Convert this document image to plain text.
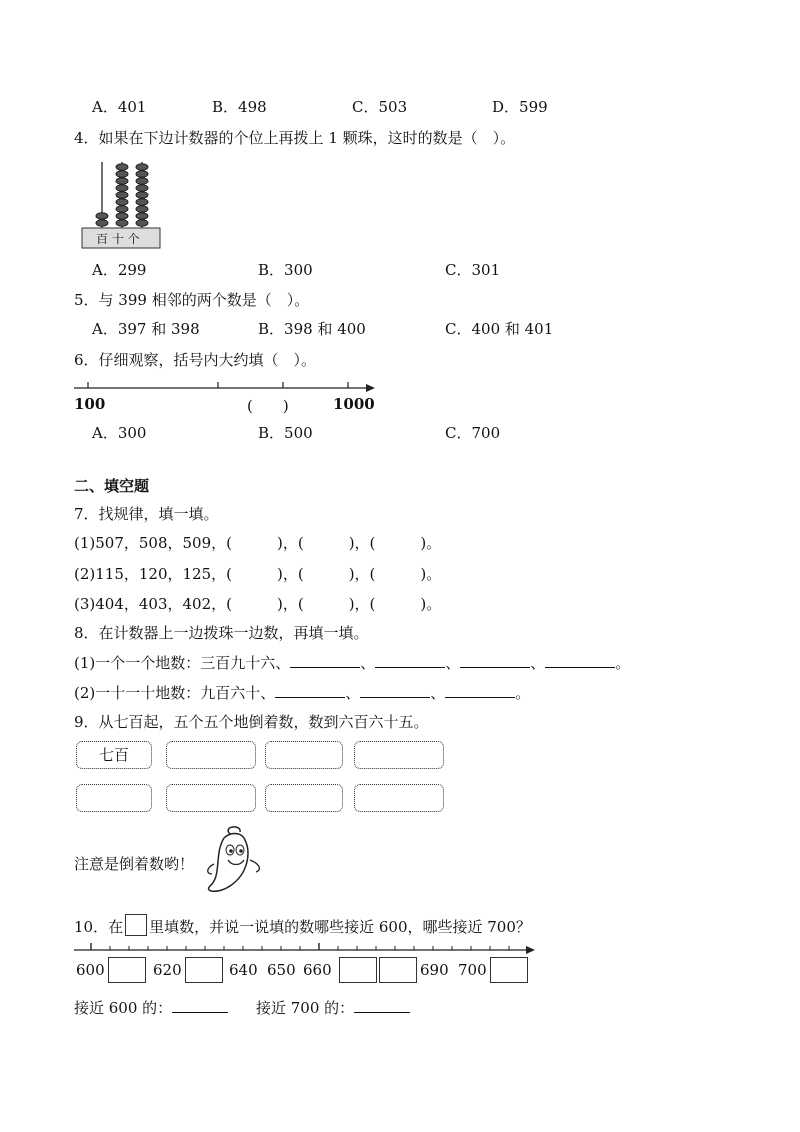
A．401	B．498	C．503	D．599
4．如果在下边计数器的个位上再拨上 1 颗珠，这时的数是（　）。
百 十 个
A．299	B．300	C．301
5．与 399 相邻的两个数是（　）。
A．397 和 398	B．398 和 400	C．400 和 401
6．仔细观察，括号内大约填（　）。
100	(　　)	1000
A．300	B．500	C．700
二、填空题
7．找规律，填一填。
(1)507，508，509，(　　　)，(　　　)，(　　　)。
(2)115，120，125，(　　　)，(　　　)，(　　　)。
(3)404，403，402，(　　　)，(　　　)，(　　　)。
8．在计数器上一边拨珠一边数，再填一填。
(1)一个一个地数：三百九十六、	、	、	、	。
(2)一十一十地数：九百六十、	、	、	。
9．从七百起，五个五个地倒着数，数到六百六十五。
七百
注意是倒着数哟！
10．在 里填数，并说一说填的数哪些接近 600，哪些接近 700？
600	620	640 650 660	690 700
接近 600 的：	接近 700 的：
